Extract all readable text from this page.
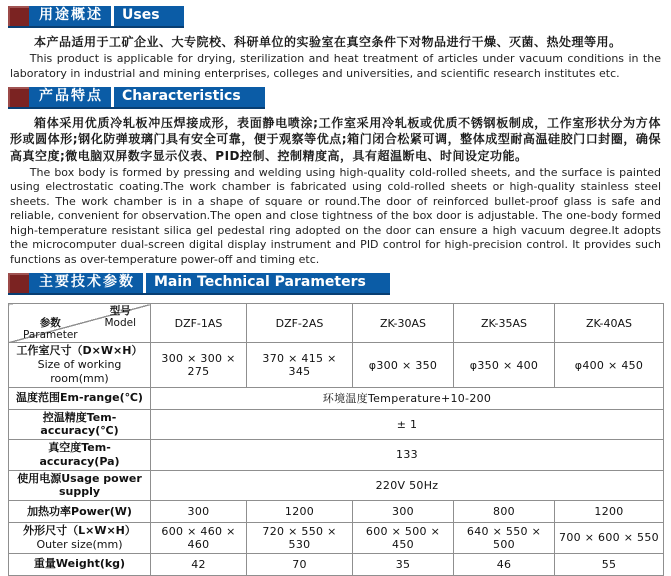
用途概述	Uses

本产品适用于工矿企业、大专院校、科研单位的实验室在真空条件下对物品进行干燥、灭菌、热处理等用。

This product is applicable for drying, sterilization and heat treatment of articles under vacuum conditions in the laboratory in industrial and mining enterprises, colleges and universities, and scientific research institutes etc.

产品特点	Characteristics

箱体采用优质冷轧板冲压焊接成形，表面静电喷涂;工作室采用冷轧板或优质不锈钢板制成，工作室形状分为方体形或圆体形;钢化防弹玻璃门具有安全可靠，便于观察等优点;箱门闭合松紧可调，整体成型耐高温硅胶门口封圈，确保高真空度;微电脑双屏数字显示仪表、PID控制、控制精度高，具有超温断电、时间设定功能。

The box body is formed by pressing and welding using high-quality cold-rolled sheets, and the surface is painted using electrostatic coating.The work chamber is fabricated using cold-rolled sheets or high-quality stainless steel sheets. The work chamber is in a shape of square or round.The door of reinforced bullet-proof glass is safe and reliable, convenient for observation.The open and close tightness of the box door is adjustable. The one-body formed high-temperature resistant silica gel pedestal ring adopted on the door can ensure a high vacuum degree.It adopts the microcomputer dual-screen digital display instrument and PID control for high-precision control. It provides such functions as over-temperature power-off and timing etc.

主要技术参数	Main Technical Parameters
型号
Model
参数
Parameter	DZF-1AS	DZF-2AS	ZK-30AS	ZK-35AS	ZK-40AS
工作室尺寸（D×W×H）
Size of working room(mm)	300 × 300 × 275	370 × 415 × 345	φ300 × 350	φ350 × 400	φ400 × 450
温度范围Em-range(℃)	环境温度Temperature+10-200				
控温精度Tem-accuracy(℃)	± 1				
真空度Tem-accuracy(Pa)	133				
使用电源Usage power supply	220V 50Hz				
加热功率Power(W)	300	1200	300	800	1200
外形尺寸（L×W×H）
Outer size(mm)	600 × 460 × 460	720 × 550 × 530	600 × 500 × 450	640 × 550 × 500	700 × 600 × 550
重量Weight(kg)	42	70	35	46	55
